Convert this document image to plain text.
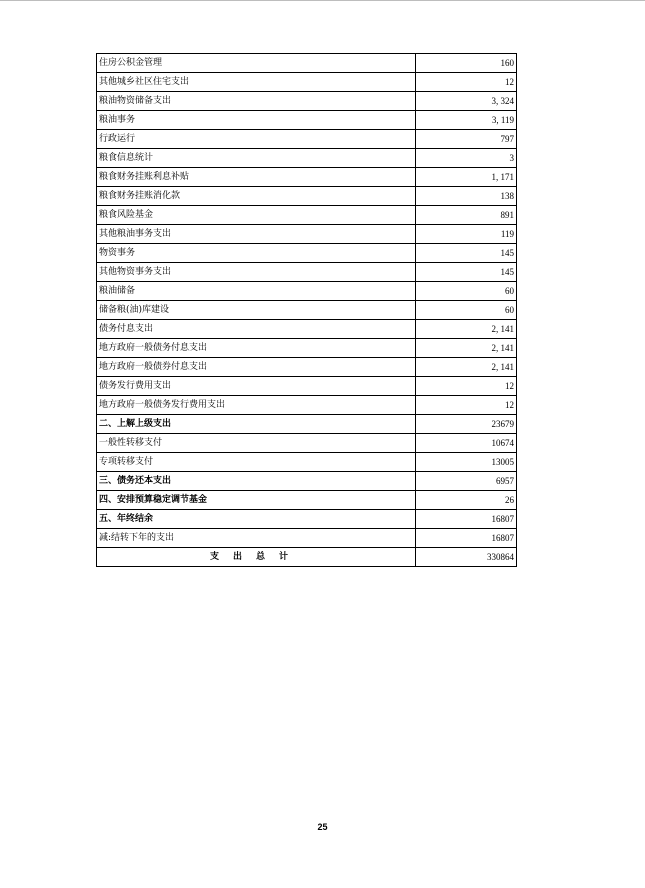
住房公积金管理	160
其他城乡社区住宅支出	12
粮油物资储备支出	3, 324
粮油事务	3, 119
行政运行	797
粮食信息统计	3
粮食财务挂账利息补贴	1, 171
粮食财务挂账消化款	138
粮食风险基金	891
其他粮油事务支出	119
物资事务	145
其他物资事务支出	145
粮油储备	60
储备粮(油)库建设	60
债务付息支出	2, 141
地方政府一般债务付息支出	2, 141
地方政府一般债券付息支出	2, 141
债务发行费用支出	12
地方政府一般债务发行费用支出	12
二、上解上级支出	23679
一般性转移支付	10674
专项转移支付	13005
三、债务还本支出	6957
四、安排预算稳定调节基金	26
五、年终结余	16807
减:结转下年的支出	16807
支出总计	330864
25
